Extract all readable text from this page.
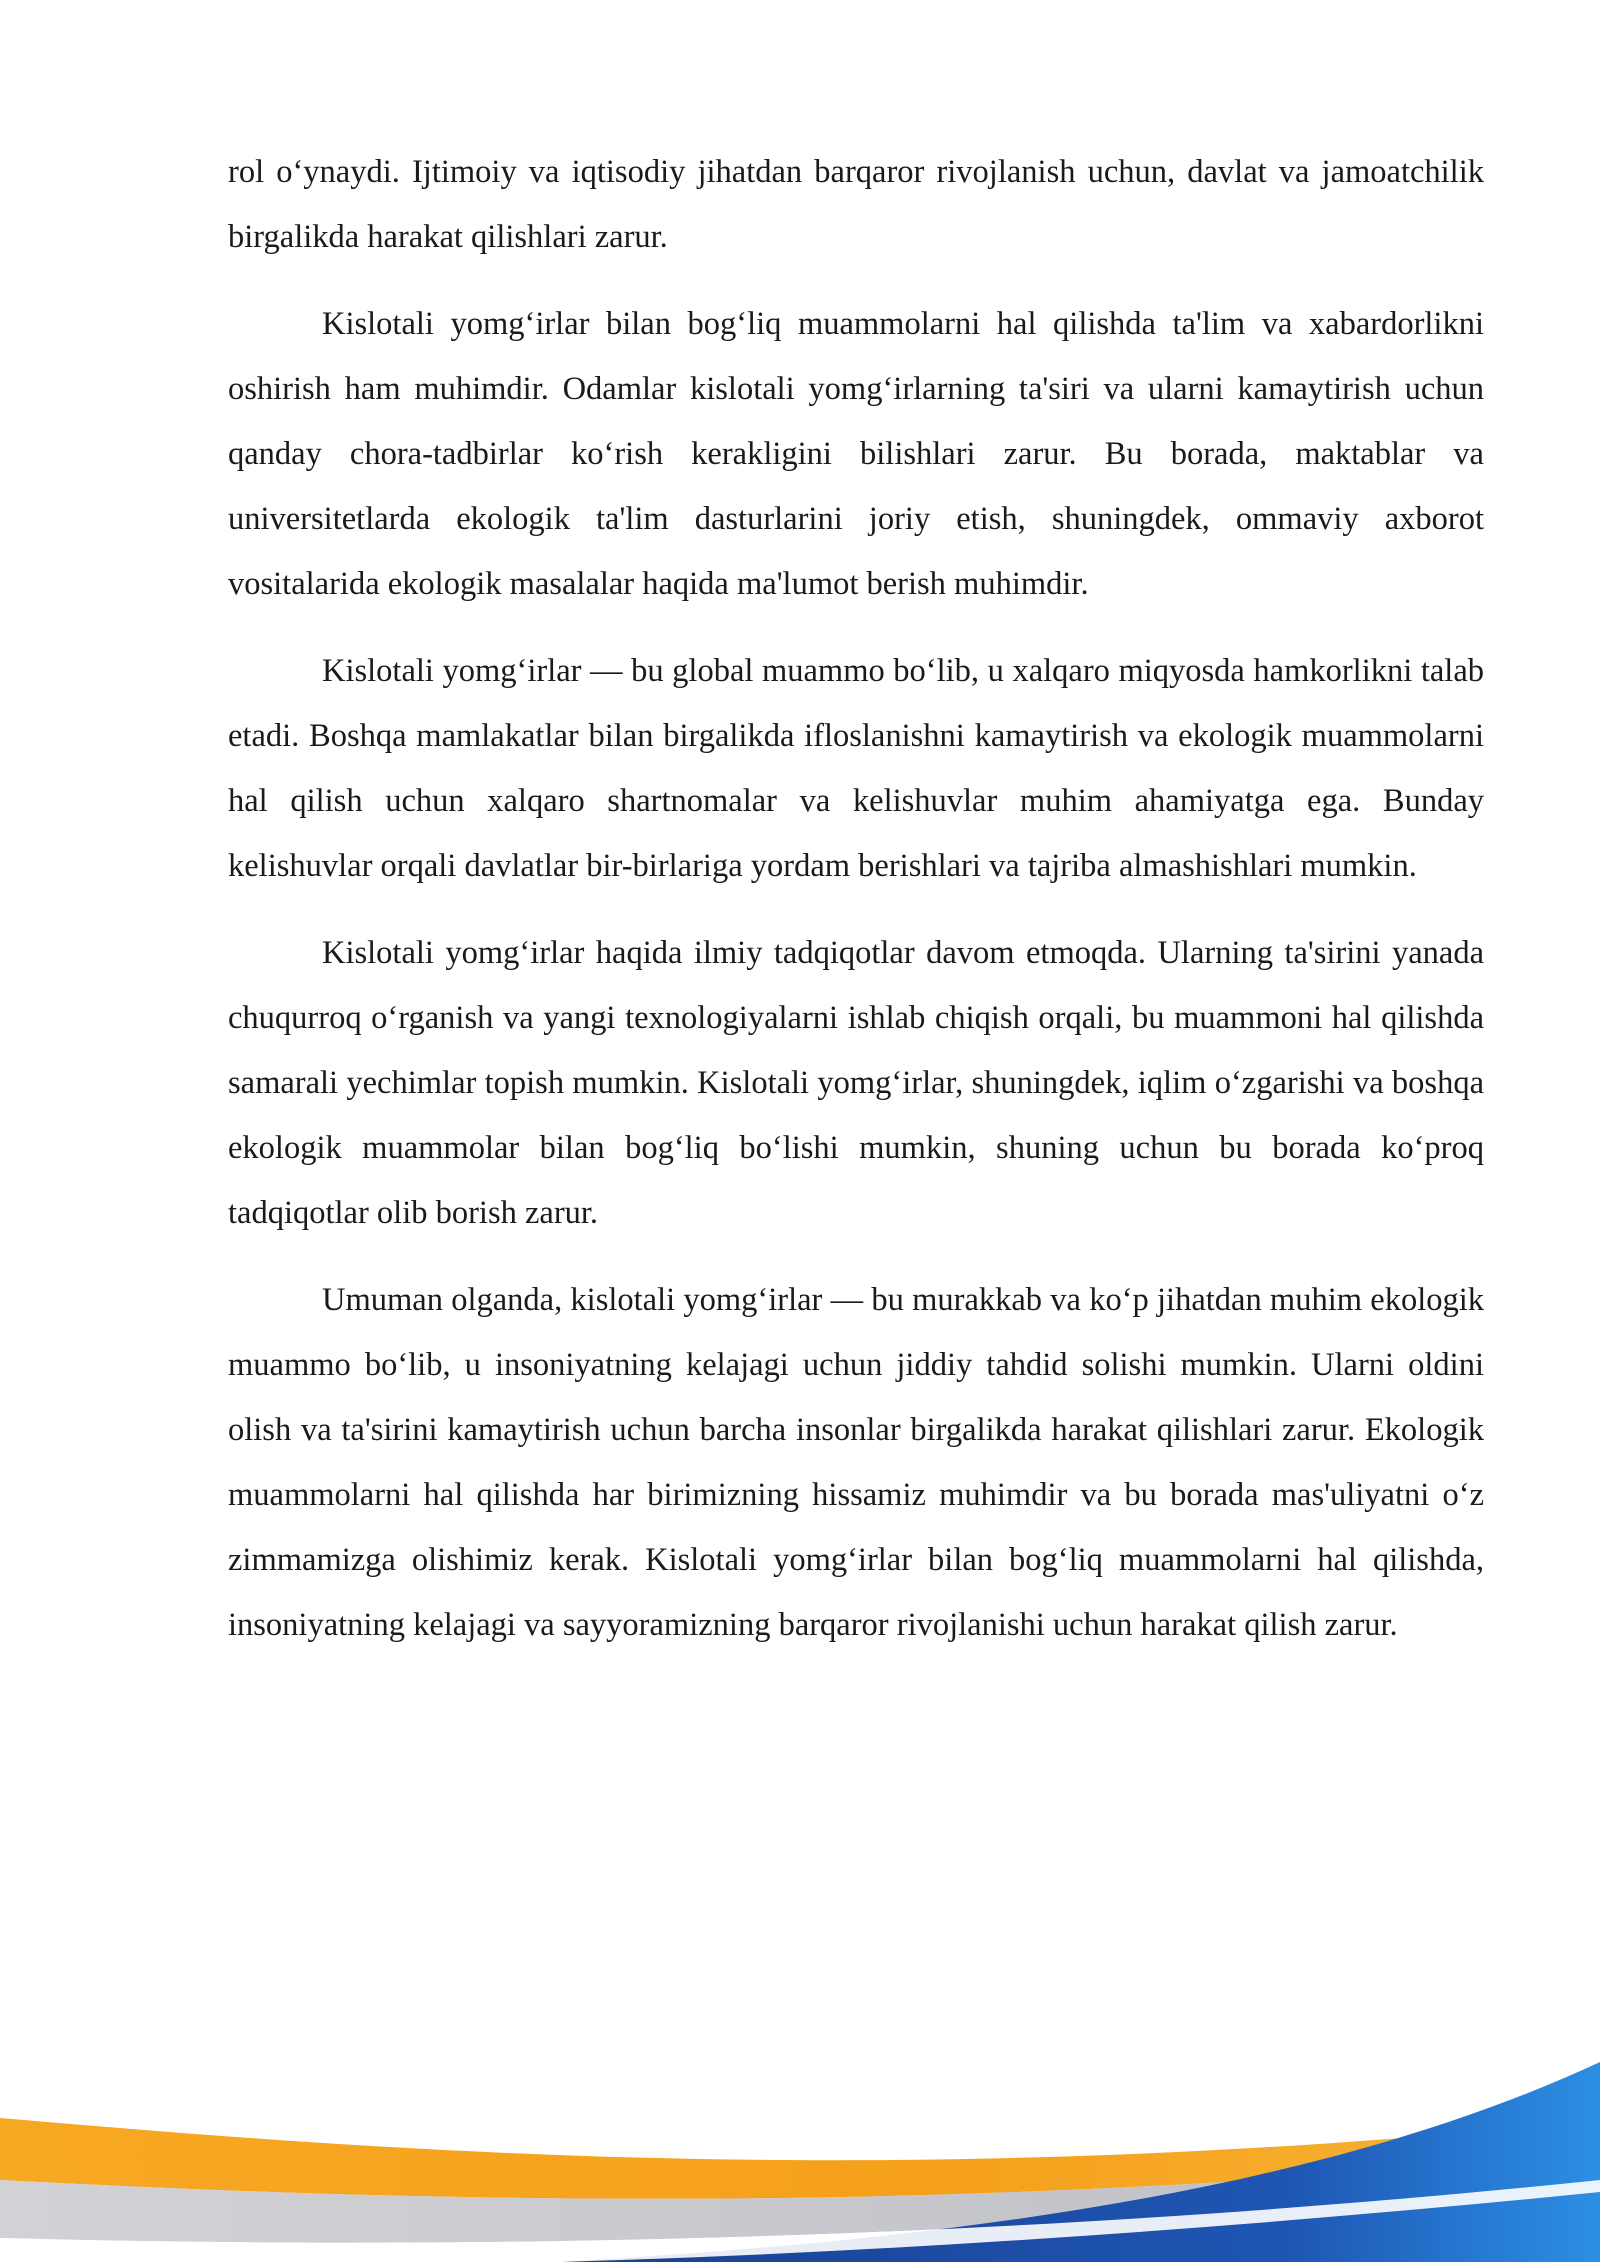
rol o‘ynaydi. Ijtimoiy va iqtisodiy jihatdan barqaror rivojlanish uchun, davlat va jamoatchilik birgalikda harakat qilishlari zarur.

Kislotali yomg‘irlar bilan bog‘liq muammolarni hal qilishda ta'lim va xabardorlikni oshirish ham muhimdir. Odamlar kislotali yomg‘irlarning ta'siri va ularni kamaytirish uchun qanday chora-tadbirlar ko‘rish kerakligini bilishlari zarur. Bu borada, maktablar va universitetlarda ekologik ta'lim dasturlarini joriy etish, shuningdek, ommaviy axborot vositalarida ekologik masalalar haqida ma'lumot berish muhimdir.

Kislotali yomg‘irlar — bu global muammo bo‘lib, u xalqaro miqyosda hamkorlikni talab etadi. Boshqa mamlakatlar bilan birgalikda ifloslanishni kamaytirish va ekologik muammolarni hal qilish uchun xalqaro shartnomalar va kelishuvlar muhim ahamiyatga ega. Bunday kelishuvlar orqali davlatlar bir-birlariga yordam berishlari va tajriba almashishlari mumkin.

Kislotali yomg‘irlar haqida ilmiy tadqiqotlar davom etmoqda. Ularning ta'sirini yanada chuqurroq o‘rganish va yangi texnologiyalarni ishlab chiqish orqali, bu muammoni hal qilishda samarali yechimlar topish mumkin. Kislotali yomg‘irlar, shuningdek, iqlim o‘zgarishi va boshqa ekologik muammolar bilan bog‘liq bo‘lishi mumkin, shuning uchun bu borada ko‘proq tadqiqotlar olib borish zarur.

Umuman olganda, kislotali yomg‘irlar — bu murakkab va ko‘p jihatdan muhim ekologik muammo bo‘lib, u insoniyatning kelajagi uchun jiddiy tahdid solishi mumkin. Ularni oldini olish va ta'sirini kamaytirish uchun barcha insonlar birgalikda harakat qilishlari zarur. Ekologik muammolarni hal qilishda har birimizning hissamiz muhimdir va bu borada mas'uliyatni o‘z zimmamizga olishimiz kerak. Kislotali yomg‘irlar bilan bog‘liq muammolarni hal qilishda, insoniyatning kelajagi va sayyoramizning barqaror rivojlanishi uchun harakat qilish zarur.
